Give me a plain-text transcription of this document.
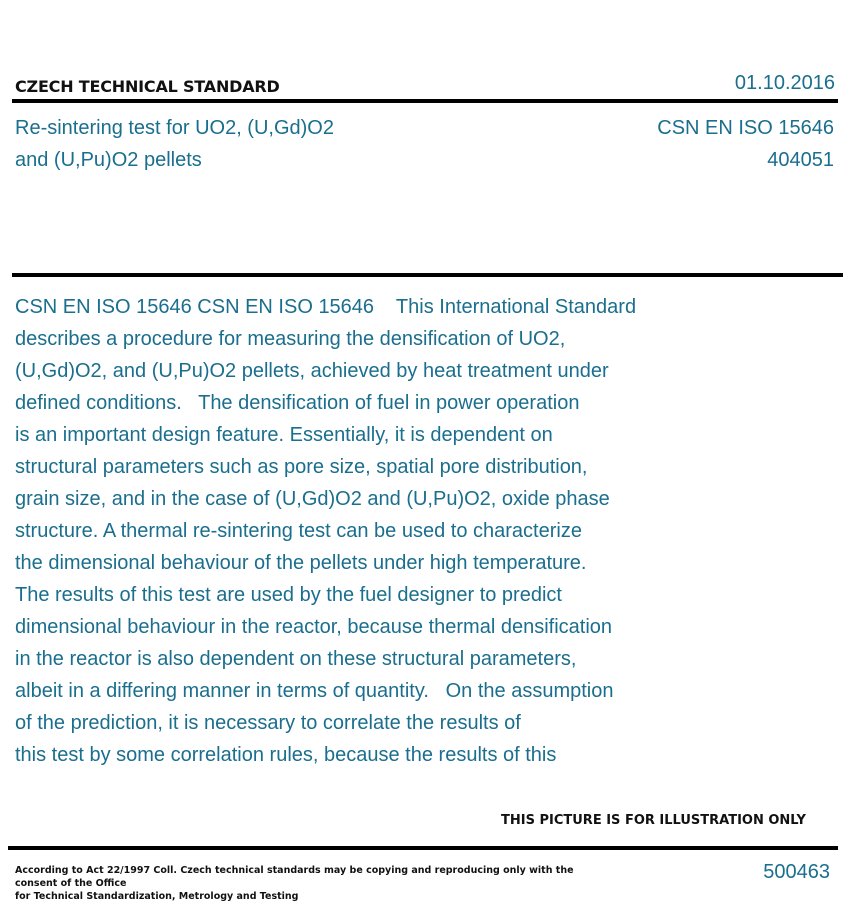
CZECH TECHNICAL STANDARD	01.10.2016
Re-sintering test for UO2, (U,Gd)O2
and (U,Pu)O2 pellets
CSN EN ISO 15646
404051
CSN EN ISO 15646 CSN EN ISO 15646    This International Standard
describes a procedure for measuring the densification of UO2,
(U,Gd)O2, and (U,Pu)O2 pellets, achieved by heat treatment under
defined conditions.   The densification of fuel in power operation
is an important design feature. Essentially, it is dependent on
structural parameters such as pore size, spatial pore distribution,
grain size, and in the case of (U,Gd)O2 and (U,Pu)O2, oxide phase
structure. A thermal re-sintering test can be used to characterize
the dimensional behaviour of the pellets under high temperature.
The results of this test are used by the fuel designer to predict
dimensional behaviour in the reactor, because thermal densification
in the reactor is also dependent on these structural parameters,
albeit in a differing manner in terms of quantity.   On the assumption
of the prediction, it is necessary to correlate the results of
this test by some correlation rules, because the results of this
THIS PICTURE IS FOR ILLUSTRATION ONLY
According to Act 22/1997 Coll. Czech technical standards may be copying and reproducing only with the consent of the Office
for Technical Standardization, Metrology and Testing
500463
